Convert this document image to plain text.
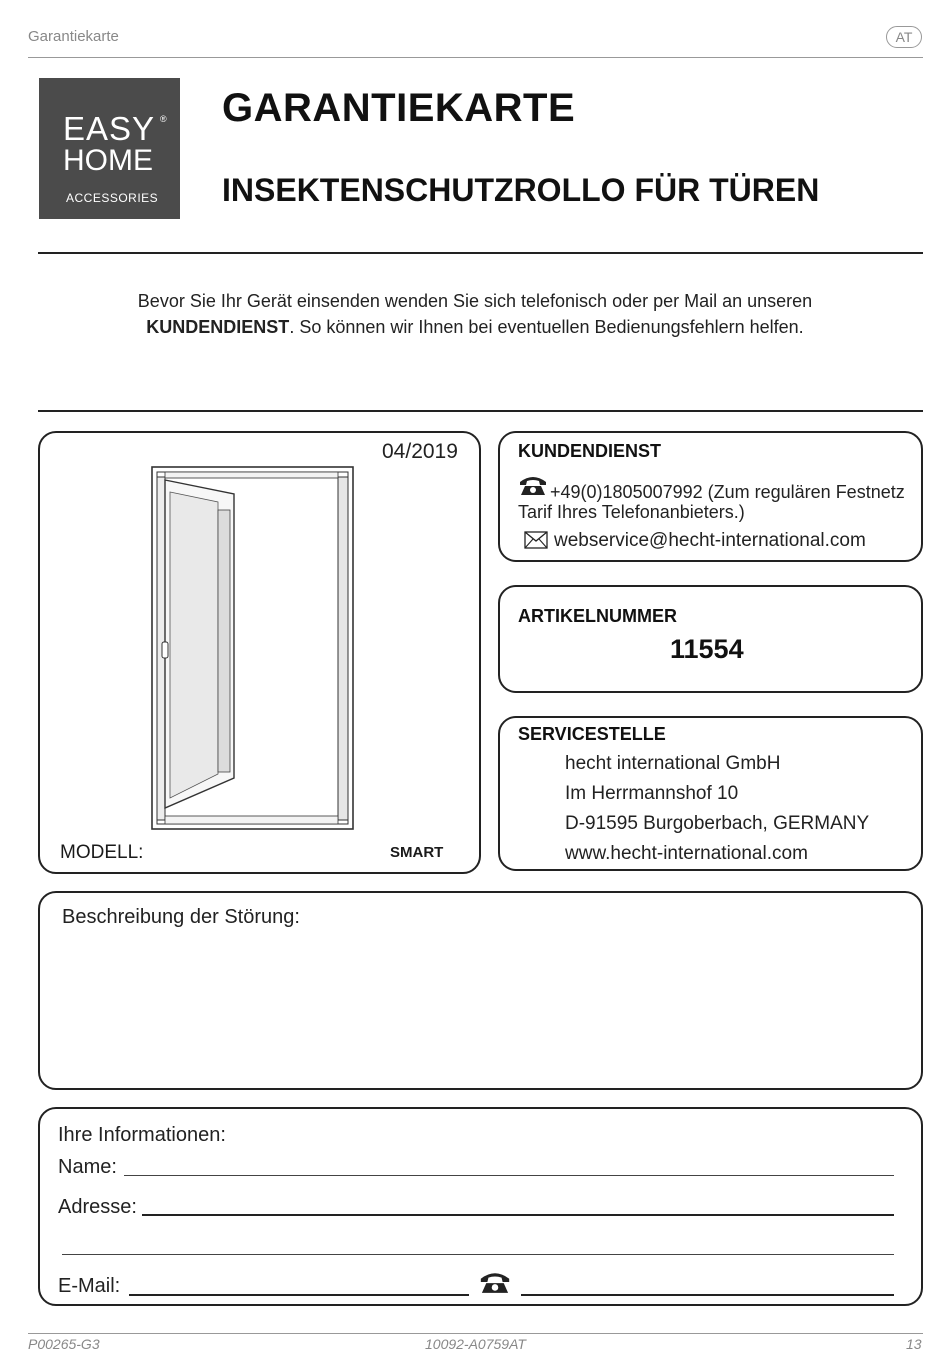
Garantiekarte	AT
EASY ®
HOME
ACCESSORIES
GARANTIEKARTE
INSEKTENSCHUTZROLLO FÜR TÜREN
Bevor Sie Ihr Gerät einsenden wenden Sie sich telefonisch oder per Mail an unseren
KUNDENDIENST. So können wir Ihnen bei eventuellen Bedienungsfehlern helfen.
04/2019
MODELL:	SMART
KUNDENDIENST
+49(0)1805007992 (Zum regulären Festnetz Tarif Ihres Telefonanbieters.)
webservice@hecht-international.com
ARTIKELNUMMER
11554
SERVICESTELLE
hecht international GmbH
Im Herrmannshof 10
D-91595 Burgoberbach, GERMANY
www.hecht-international.com
Beschreibung der Störung:
Ihre Informationen:
Name:
Adresse:
E-Mail:
P00265-G3	10092-A0759AT	13
